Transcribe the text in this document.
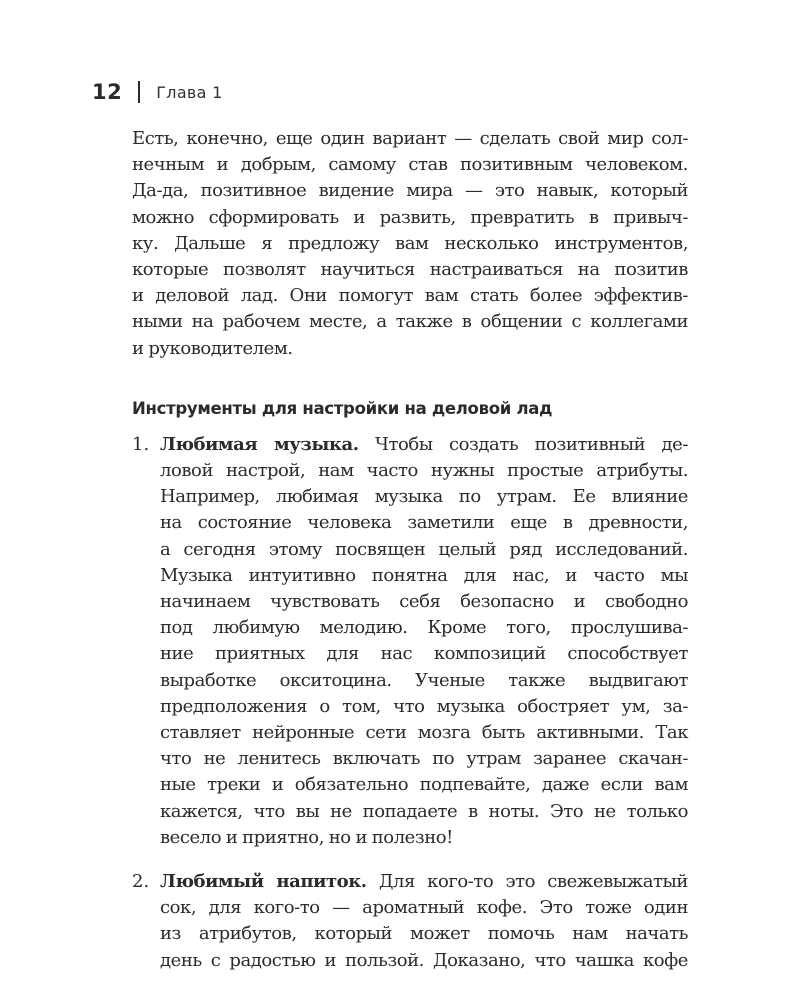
12 Глава 1

Есть, конечно, еще один вариант — сделать свой мир сол-
нечным и добрым, самому став позитивным человеком.
Да-да, позитивное видение мира — это навык, который
можно сформировать и развить, превратить в привыч-
ку. Дальше я предложу вам несколько инструментов,
которые позволят научиться настраиваться на позитив
и деловой лад. Они помогут вам стать более эффектив-
ными на рабочем месте, а также в общении с коллегами
и руководителем.

Инструменты для настройки на деловой лад
1. Любимая музыка. Чтобы создать позитивный де-
ловой настрой, нам часто нужны простые атрибуты.
Например, любимая музыка по утрам. Ее влияние
на состояние человека заметили еще в древности,
а сегодня этому посвящен целый ряд исследований.
Музыка интуитивно понятна для нас, и часто мы
начинаем чувствовать себя безопасно и свободно
под любимую мелодию. Кроме того, прослушива-
ние приятных для нас композиций способствует
выработке окситоцина. Ученые также выдвигают
предположения о том, что музыка обостряет ум, за-
ставляет нейронные сети мозга быть активными. Так
что не ленитесь включать по утрам заранее скачан-
ные треки и обязательно подпевайте, даже если вам
кажется, что вы не попадаете в ноты. Это не только
весело и приятно, но и полезно!
2. Любимый напиток. Для кого-то это свежевыжатый
сок, для кого-то — ароматный кофе. Это тоже один
из атрибутов, который может помочь нам начать
день с радостью и пользой. Доказано, что чашка кофе
